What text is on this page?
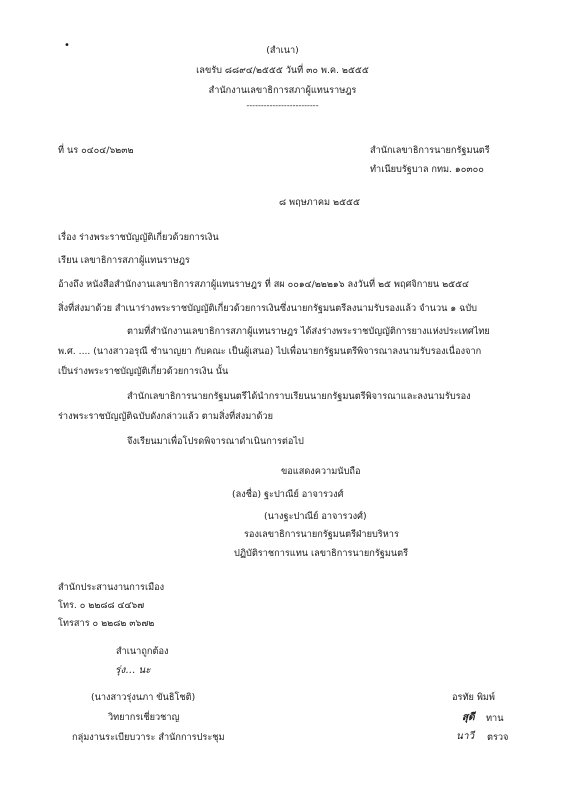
•	(สำเนา)
เลขรับ ๘๘๙๔/๒๕๕๕ วันที่ ๓๐ พ.ค. ๒๕๕๕
สำนักงานเลขาธิการสภาผู้แทนราษฎร
-------------------------
ที่ นร ๐๔๐๔/๖๒๓๒	สำนักเลขาธิการนายกรัฐมนตรี
ทำเนียบรัฐบาล กทม. ๑๐๓๐๐
๘ พฤษภาคม ๒๕๕๕
เรื่อง ร่างพระราชบัญญัติเกี่ยวด้วยการเงิน
เรียน เลขาธิการสภาผู้แทนราษฎร
อ้างถึง หนังสือสำนักงานเลขาธิการสภาผู้แทนราษฎร ที่ สผ ๐๐๑๔/๒๒๒๑๖ ลงวันที่ ๒๕ พฤศจิกายน ๒๕๕๔
สิ่งที่ส่งมาด้วย สำเนาร่างพระราชบัญญัติเกี่ยวด้วยการเงินซึ่งนายกรัฐมนตรีลงนามรับรองแล้ว จำนวน ๑ ฉบับ
ตามที่สำนักงานเลขาธิการสภาผู้แทนราษฎร ได้ส่งร่างพระราชบัญญัติการยางแห่งประเทศไทย
พ.ศ. .... (นางสาวอรุณี ชำนาญยา กับคณะ เป็นผู้เสนอ) ไปเพื่อนายกรัฐมนตรีพิจารณาลงนามรับรองเนื่องจาก
เป็นร่างพระราชบัญญัติเกี่ยวด้วยการเงิน นั้น
สำนักเลขาธิการนายกรัฐมนตรีได้นำกราบเรียนนายกรัฐมนตรีพิจารณาและลงนามรับรอง
ร่างพระราชบัญญัติฉบับดังกล่าวแล้ว ตามสิ่งที่ส่งมาด้วย
จึงเรียนมาเพื่อโปรดพิจารณาดำเนินการต่อไป
ขอแสดงความนับถือ
(ลงชื่อ) ฐะปาณีย์ อาจารวงศ์
(นางฐะปาณีย์ อาจารวงศ์)
รองเลขาธิการนายกรัฐมนตรีฝ่ายบริหาร
ปฏิบัติราชการแทน เลขาธิการนายกรัฐมนตรี
สำนักประสานงานการเมือง
โทร. ๐ ๒๒๘๘ ๔๔๖๗
โทรสาร ๐ ๒๒๘๒ ๓๖๗๒
สำเนาถูกต้อง
รุ่ง… นะ
(นางสาวรุ่งนภา ขันธิโชติ)
วิทยากรเชี่ยวชาญ
กลุ่มงานระเบียบวาระ สำนักการประชุม
อรทัย พิมพ์
สุดี ทาน
นาวี ตรวจ
